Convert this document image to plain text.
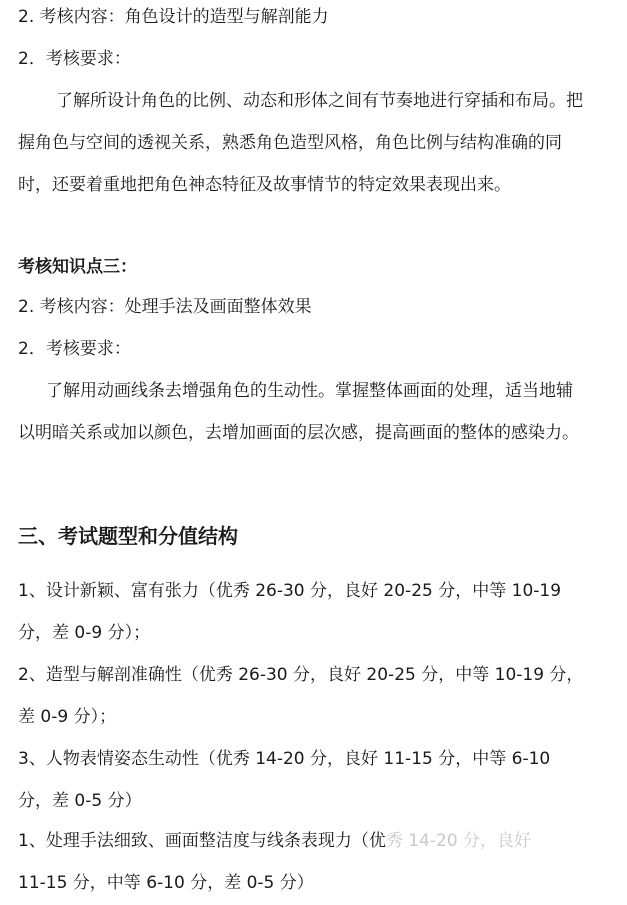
2. 考核内容：角色设计的造型与解剖能力
2．考核要求：
了解所设计角色的比例、动态和形体之间有节奏地进行穿插和布局。把握角色与空间的透视关系，熟悉角色造型风格，角色比例与结构准确的同时，还要着重地把角色神态特征及故事情节的特定效果表现出来。
考核知识点三：
2. 考核内容：处理手法及画面整体效果
2．考核要求：
了解用动画线条去增强角色的生动性。掌握整体画面的处理，适当地辅以明暗关系或加以颜色，去增加画面的层次感，提高画面的整体的感染力。
三、考试题型和分值结构
1、设计新颖、富有张力（优秀 26-30 分，良好 20-25 分，中等 10-19 分，差 0-9 分）；
2、造型与解剖准确性（优秀 26-30 分，良好 20-25 分，中等 10-19 分，差 0-9 分）；
3、人物表情姿态生动性（优秀 14-20 分，良好 11-15 分，中等 6-10 分，差 0-5 分）
1、处理手法细致、画面整洁度与线条表现力（优秀 14-20 分，良好
11-15 分，中等 6-10 分，差 0-5 分）
